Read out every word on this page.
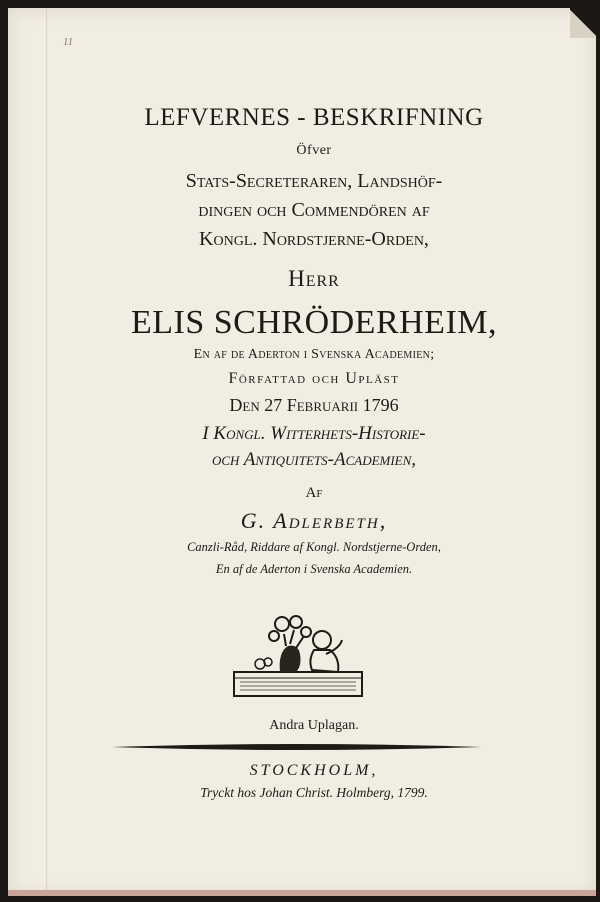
11
LEFVERNES - BESKRIFNING
Öfver
Stats-Secreteraren, Landshöf-
dingen och Commendören af
Kongl. Nordstjerne-Orden,
Herr
ELIS SCHRÖDERHEIM,
En af de Aderton i Svenska Academien;
Författad och Upläst
Den 27 Februarii 1796
I Kongl. Witterhets-Historie-
och Antiquitets-Academien,
Af
G. Adlerbeth,
Canzli-Råd, Riddare af Kongl. Nordstjerne-Orden,
En af de Aderton i Svenska Academien.
Andra Uplagan.
STOCKHOLM,
Tryckt hos Johan Christ. Holmberg, 1799.
